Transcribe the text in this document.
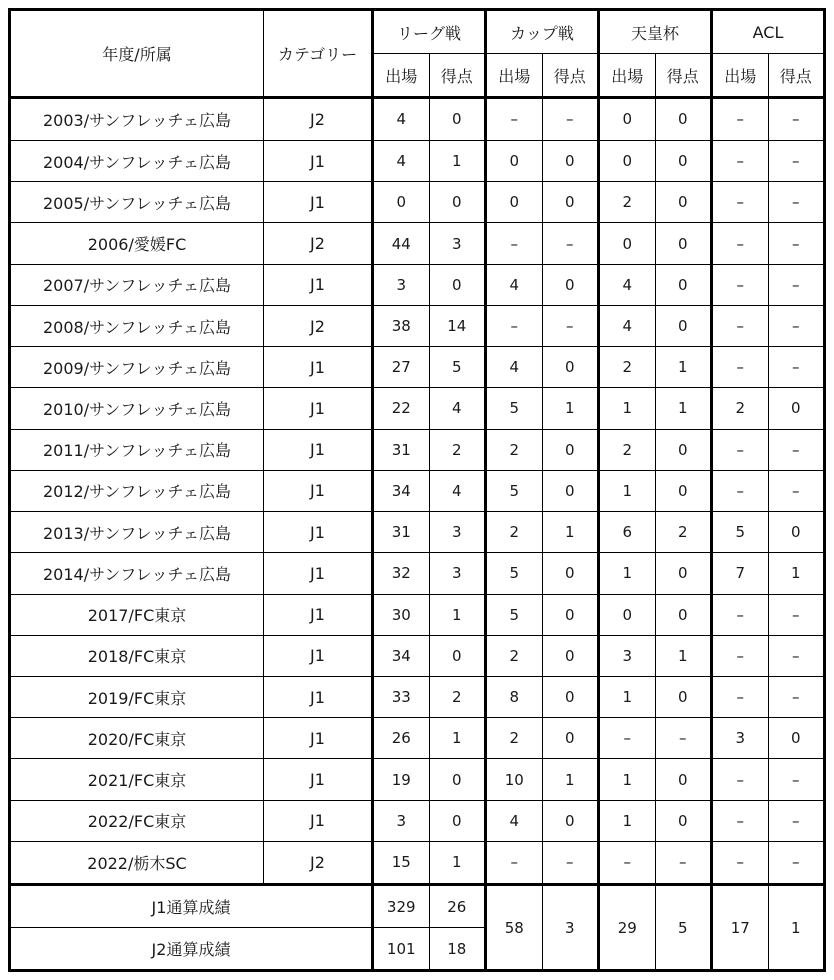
年度/所属	カテゴリー	リーグ戦		カップ戦		天皇杯		ACL	
		出場	得点	出場	得点	出場	得点	出場	得点
2003/サンフレッチェ広島	J2	4	0	–	–	0	0	–	–
2004/サンフレッチェ広島	J1	4	1	0	0	0	0	–	–
2005/サンフレッチェ広島	J1	0	0	0	0	2	0	–	–
2006/愛媛FC	J2	44	3	–	–	0	0	–	–
2007/サンフレッチェ広島	J1	3	0	4	0	4	0	–	–
2008/サンフレッチェ広島	J2	38	14	–	–	4	0	–	–
2009/サンフレッチェ広島	J1	27	5	4	0	2	1	–	–
2010/サンフレッチェ広島	J1	22	4	5	1	1	1	2	0
2011/サンフレッチェ広島	J1	31	2	2	0	2	0	–	–
2012/サンフレッチェ広島	J1	34	4	5	0	1	0	–	–
2013/サンフレッチェ広島	J1	31	3	2	1	6	2	5	0
2014/サンフレッチェ広島	J1	32	3	5	0	1	0	7	1
2017/FC東京	J1	30	1	5	0	0	0	–	–
2018/FC東京	J1	34	0	2	0	3	1	–	–
2019/FC東京	J1	33	2	8	0	1	0	–	–
2020/FC東京	J1	26	1	2	0	–	–	3	0
2021/FC東京	J1	19	0	10	1	1	0	–	–
2022/FC東京	J1	3	0	4	0	1	0	–	–
2022/栃木SC	J2	15	1	–	–	–	–	–	–
J1通算成績		329	26	58	3	29	5	17	1
J2通算成績		101	18						
